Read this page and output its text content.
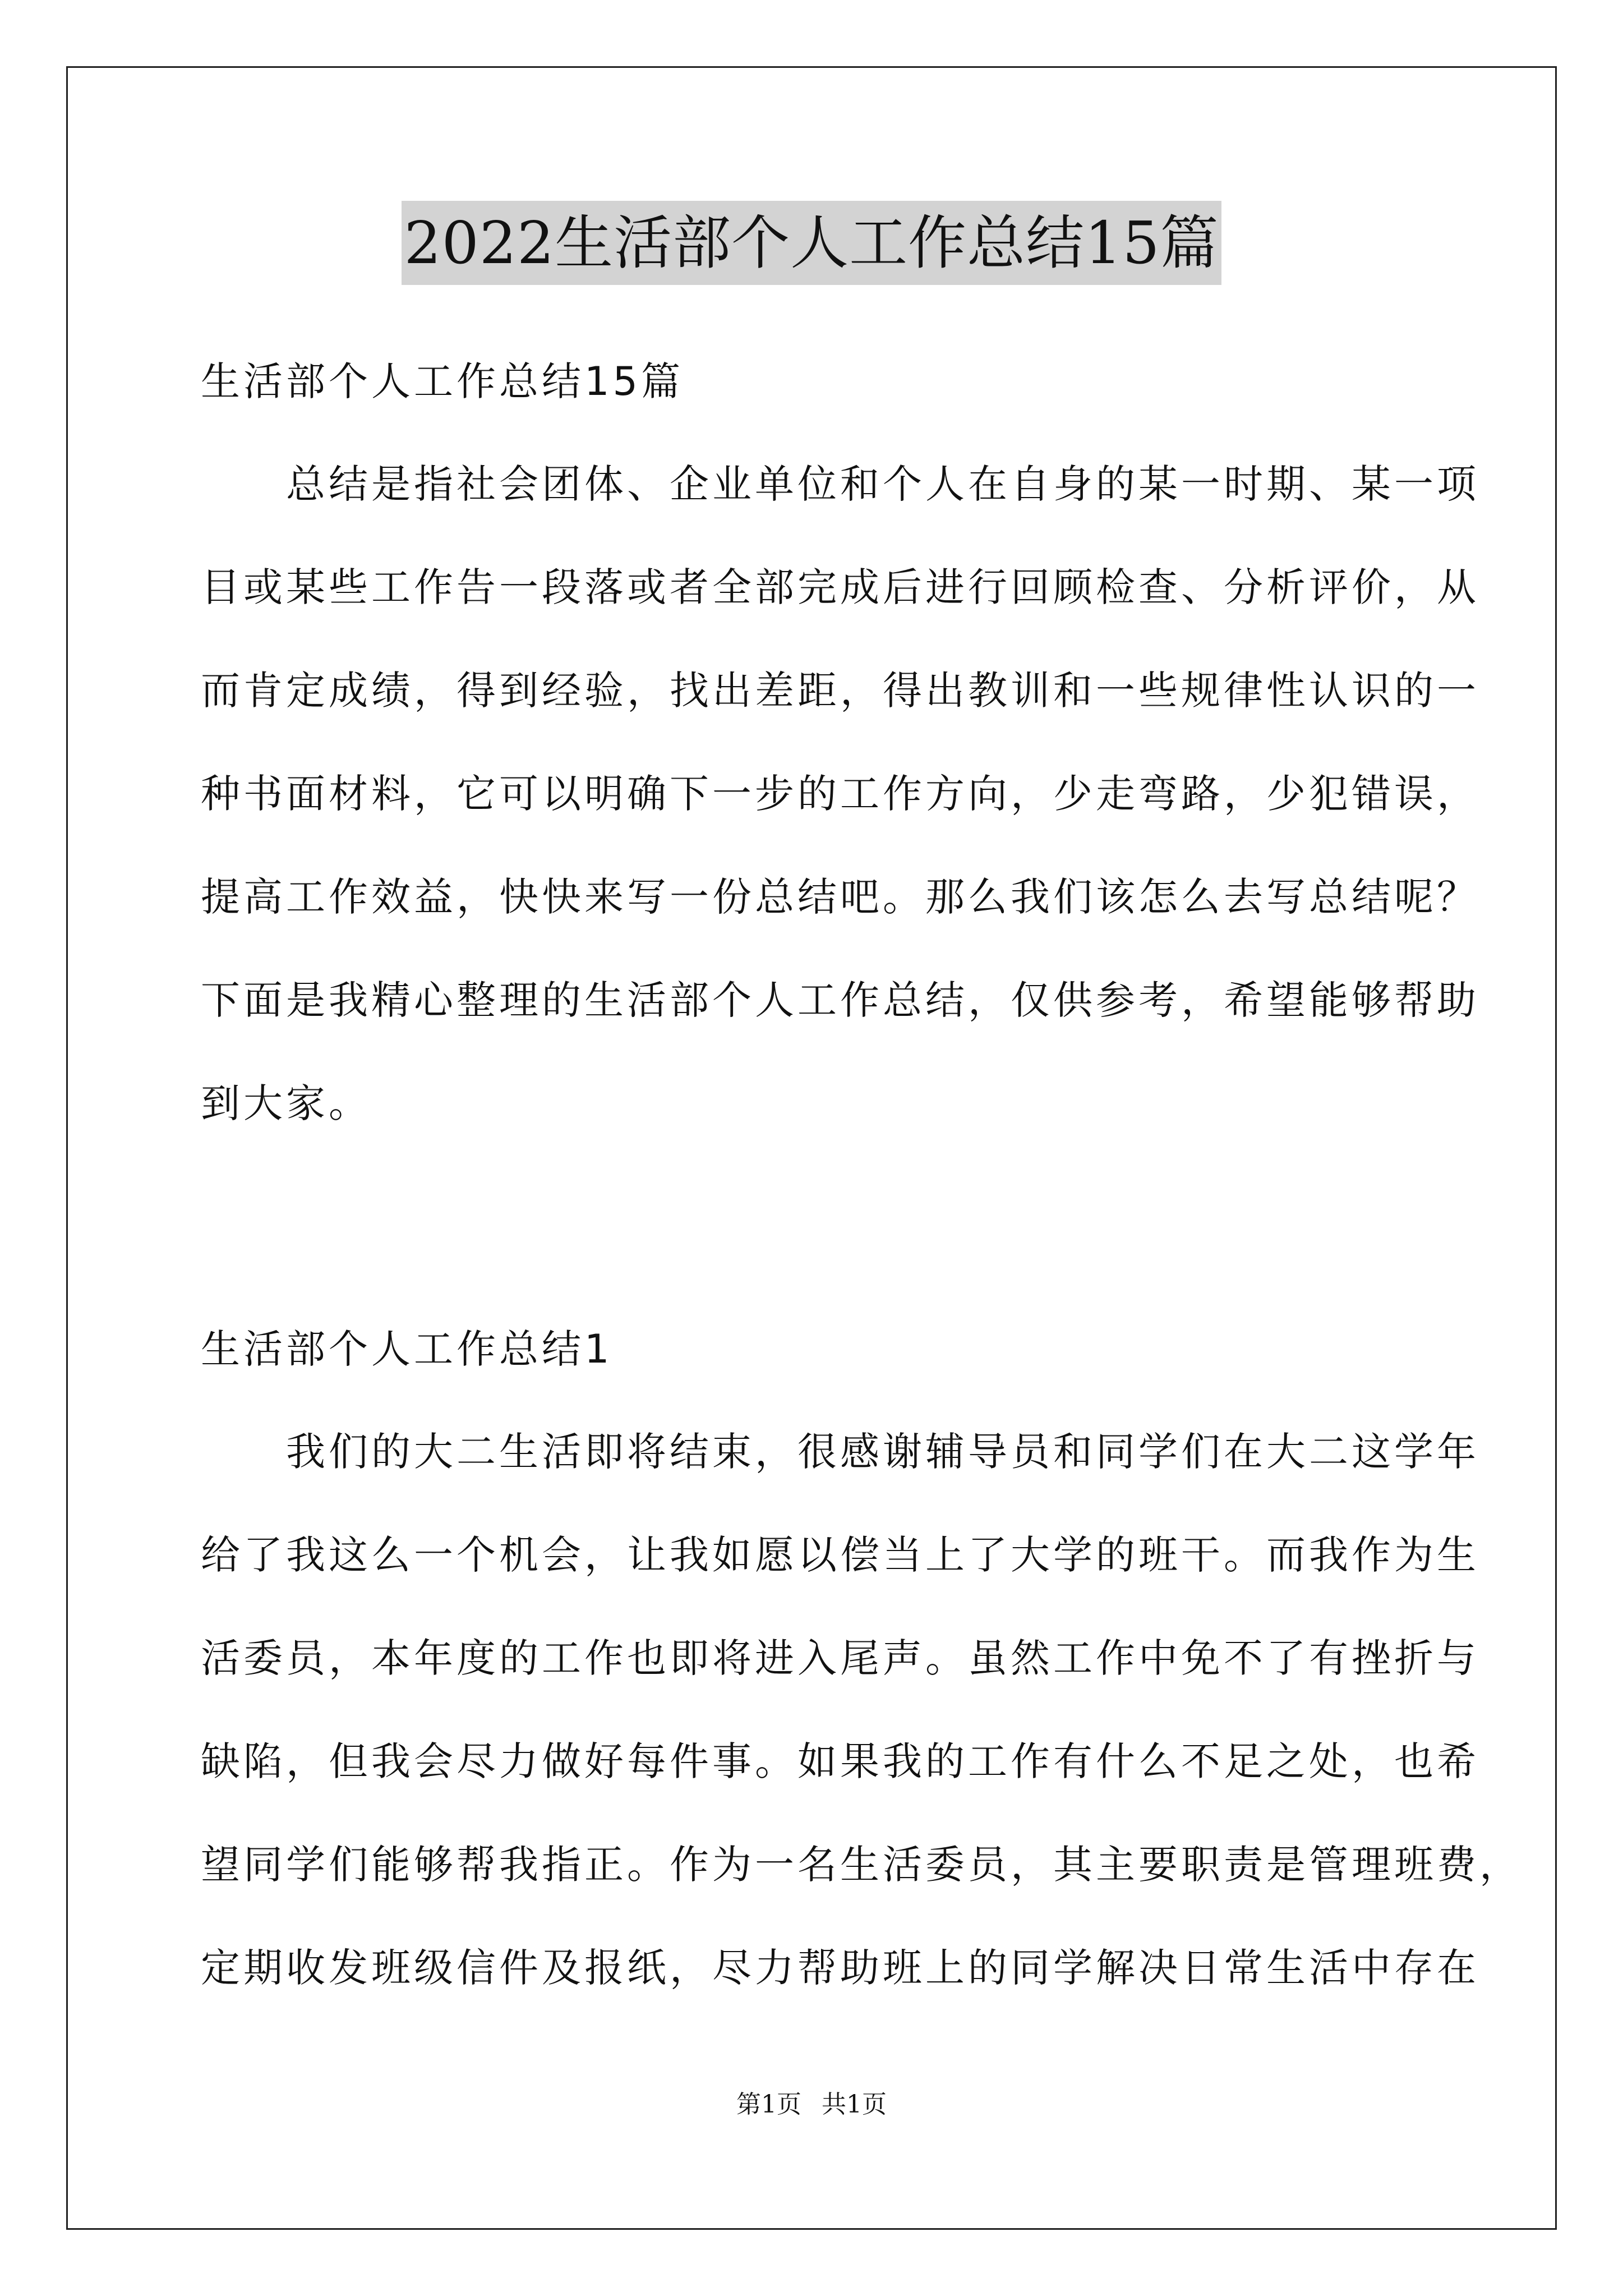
2022生活部个人工作总结15篇
生活部个人工作总结15篇
　　总结是指社会团体、企业单位和个人在自身的某一时期、某一项
目或某些工作告一段落或者全部完成后进行回顾检查、分析评价，从
而肯定成绩，得到经验，找出差距，得出教训和一些规律性认识的一
种书面材料，它可以明确下一步的工作方向，少走弯路，少犯错误，
提高工作效益，快快来写一份总结吧。那么我们该怎么去写总结呢？
下面是我精心整理的生活部个人工作总结，仅供参考，希望能够帮助
到大家。
生活部个人工作总结1
　　我们的大二生活即将结束，很感谢辅导员和同学们在大二这学年
给了我这么一个机会，让我如愿以偿当上了大学的班干。而我作为生
活委员，本年度的工作也即将进入尾声。虽然工作中免不了有挫折与
缺陷，但我会尽力做好每件事。如果我的工作有什么不足之处，也希
望同学们能够帮我指正。作为一名生活委员，其主要职责是管理班费，
定期收发班级信件及报纸，尽力帮助班上的同学解决日常生活中存在
第1页 共1页
